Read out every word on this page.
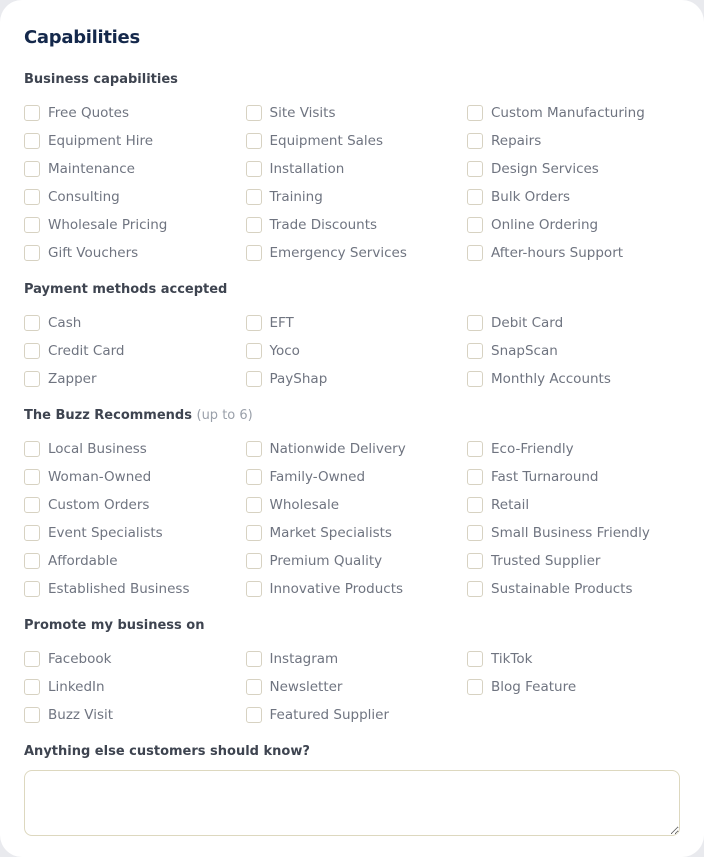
Capabilities
Business capabilities
Free Quotes	Site Visits	Custom Manufacturing
Equipment Hire	Equipment Sales	Repairs
Maintenance	Installation	Design Services
Consulting	Training	Bulk Orders
Wholesale Pricing	Trade Discounts	Online Ordering
Gift Vouchers	Emergency Services	After-hours Support
Payment methods accepted
Cash	EFT	Debit Card
Credit Card	Yoco	SnapScan
Zapper	PayShap	Monthly Accounts
The Buzz Recommends (up to 6)
Local Business	Nationwide Delivery	Eco-Friendly
Woman-Owned	Family-Owned	Fast Turnaround
Custom Orders	Wholesale	Retail
Event Specialists	Market Specialists	Small Business Friendly
Affordable	Premium Quality	Trusted Supplier
Established Business	Innovative Products	Sustainable Products
Promote my business on
Facebook	Instagram	TikTok
LinkedIn	Newsletter	Blog Feature
Buzz Visit	Featured Supplier
Anything else customers should know?
